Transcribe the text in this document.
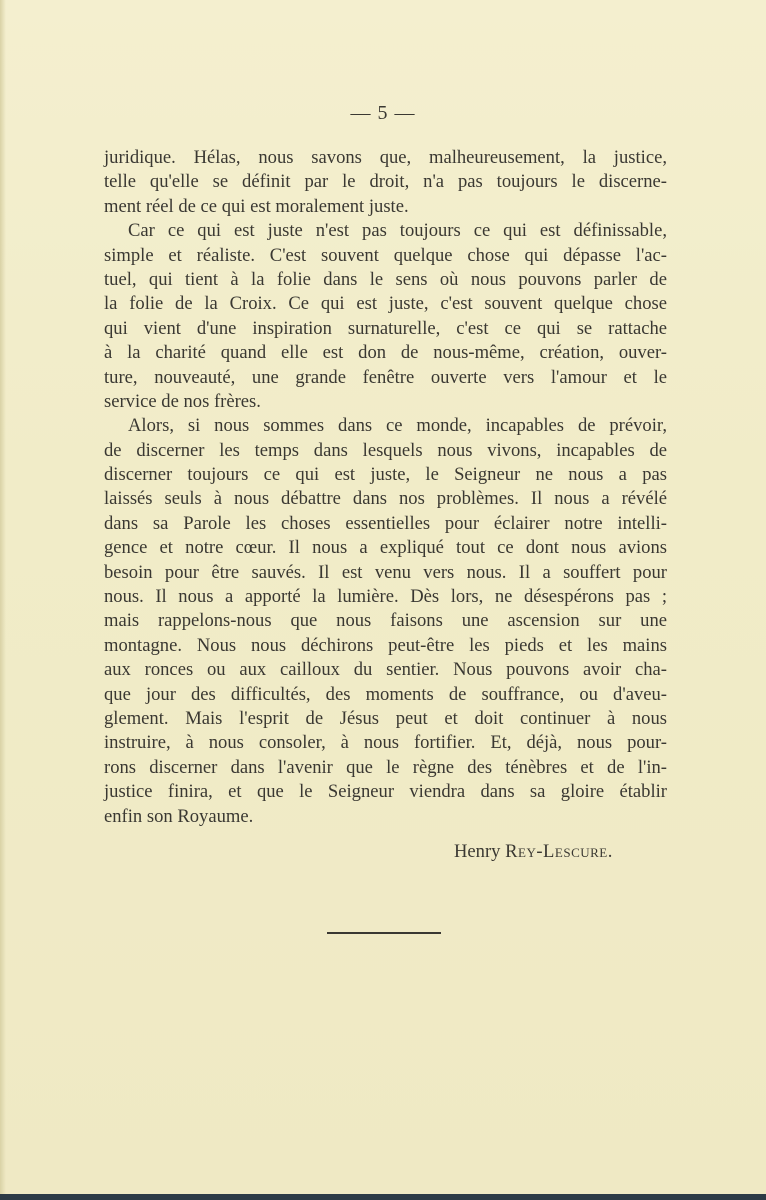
— 5 —
juridique. Hélas, nous savons que, malheureusement, la justice,
telle qu'elle se définit par le droit, n'a pas toujours le discerne-
ment réel de ce qui est moralement juste.
Car ce qui est juste n'est pas toujours ce qui est définissable,
simple et réaliste. C'est souvent quelque chose qui dépasse l'ac-
tuel, qui tient à la folie dans le sens où nous pouvons parler de
la folie de la Croix. Ce qui est juste, c'est souvent quelque chose
qui vient d'une inspiration surnaturelle, c'est ce qui se rattache
à la charité quand elle est don de nous-même, création, ouver-
ture, nouveauté, une grande fenêtre ouverte vers l'amour et le
service de nos frères.
Alors, si nous sommes dans ce monde, incapables de prévoir,
de discerner les temps dans lesquels nous vivons, incapables de
discerner toujours ce qui est juste, le Seigneur ne nous a pas
laissés seuls à nous débattre dans nos problèmes. Il nous a révélé
dans sa Parole les choses essentielles pour éclairer notre intelli-
gence et notre cœur. Il nous a expliqué tout ce dont nous avions
besoin pour être sauvés. Il est venu vers nous. Il a souffert pour
nous. Il nous a apporté la lumière. Dès lors, ne désespérons pas ;
mais rappelons-nous que nous faisons une ascension sur une
montagne. Nous nous déchirons peut-être les pieds et les mains
aux ronces ou aux cailloux du sentier. Nous pouvons avoir cha-
que jour des difficultés, des moments de souffrance, ou d'aveu-
glement. Mais l'esprit de Jésus peut et doit continuer à nous
instruire, à nous consoler, à nous fortifier. Et, déjà, nous pour-
rons discerner dans l'avenir que le règne des ténèbres et de l'in-
justice finira, et que le Seigneur viendra dans sa gloire établir
enfin son Royaume.
Henry Rey-Lescure.
